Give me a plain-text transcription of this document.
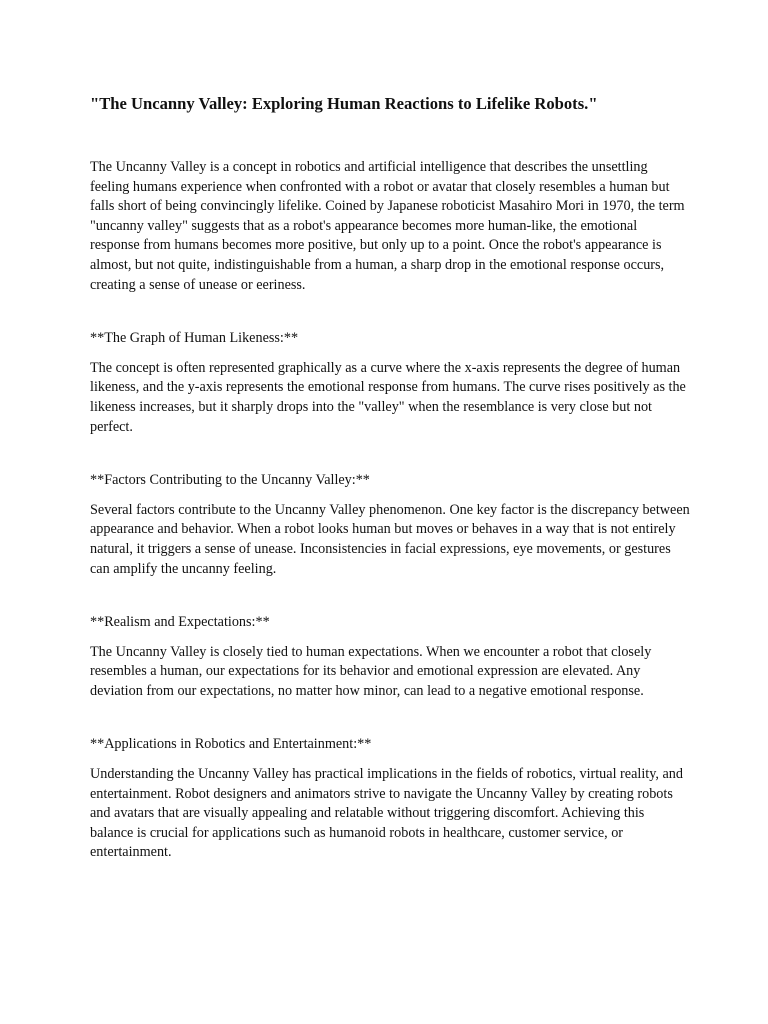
"The Uncanny Valley: Exploring Human Reactions to Lifelike Robots."

The Uncanny Valley is a concept in robotics and artificial intelligence that describes the unsettling feeling humans experience when confronted with a robot or avatar that closely resembles a human but falls short of being convincingly lifelike. Coined by Japanese roboticist Masahiro Mori in 1970, the term "uncanny valley" suggests that as a robot's appearance becomes more human-like, the emotional response from humans becomes more positive, but only up to a point. Once the robot's appearance is almost, but not quite, indistinguishable from a human, a sharp drop in the emotional response occurs, creating a sense of unease or eeriness.

**The Graph of Human Likeness:**

The concept is often represented graphically as a curve where the x-axis represents the degree of human likeness, and the y-axis represents the emotional response from humans. The curve rises positively as the likeness increases, but it sharply drops into the "valley" when the resemblance is very close but not perfect.

**Factors Contributing to the Uncanny Valley:**

Several factors contribute to the Uncanny Valley phenomenon. One key factor is the discrepancy between appearance and behavior. When a robot looks human but moves or behaves in a way that is not entirely natural, it triggers a sense of unease. Inconsistencies in facial expressions, eye movements, or gestures can amplify the uncanny feeling.

**Realism and Expectations:**

The Uncanny Valley is closely tied to human expectations. When we encounter a robot that closely resembles a human, our expectations for its behavior and emotional expression are elevated. Any deviation from our expectations, no matter how minor, can lead to a negative emotional response.

**Applications in Robotics and Entertainment:**

Understanding the Uncanny Valley has practical implications in the fields of robotics, virtual reality, and entertainment. Robot designers and animators strive to navigate the Uncanny Valley by creating robots and avatars that are visually appealing and relatable without triggering discomfort. Achieving this balance is crucial for applications such as humanoid robots in healthcare, customer service, or entertainment.
